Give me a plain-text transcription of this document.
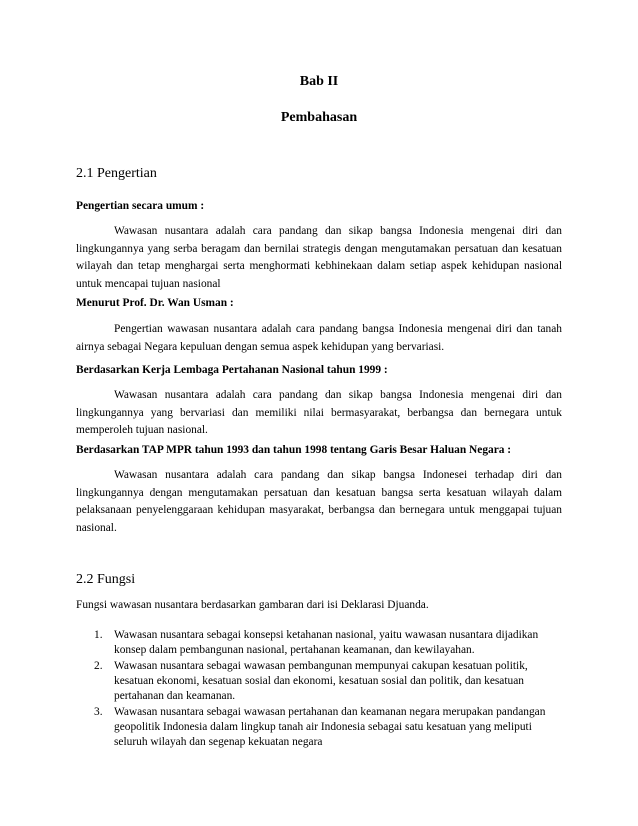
Bab II
Pembahasan
2.1 Pengertian
Pengertian secara umum :
Wawasan nusantara adalah cara pandang dan sikap bangsa Indonesia mengenai diri dan lingkungannya yang serba beragam dan bernilai strategis dengan mengutamakan persatuan dan kesatuan wilayah dan tetap menghargai serta menghormati kebhinekaan dalam setiap aspek kehidupan nasional untuk mencapai tujuan nasional
Menurut Prof. Dr. Wan Usman :
Pengertian wawasan nusantara adalah cara pandang bangsa Indonesia mengenai diri dan tanah airnya sebagai Negara kepuluan dengan semua aspek kehidupan yang bervariasi.
Berdasarkan Kerja Lembaga Pertahanan Nasional tahun 1999 :
Wawasan nusantara adalah cara pandang dan sikap bangsa Indonesia mengenai diri dan lingkungannya yang bervariasi dan memiliki nilai bermasyarakat, berbangsa dan bernegara untuk memperoleh tujuan nasional.
Berdasarkan TAP MPR tahun 1993 dan tahun 1998 tentang Garis Besar Haluan Negara :
Wawasan nusantara adalah cara pandang dan sikap bangsa Indonesei terhadap diri dan lingkungannya dengan mengutamakan persatuan dan kesatuan bangsa serta kesatuan wilayah dalam pelaksanaan penyelenggaraan kehidupan masyarakat, berbangsa dan bernegara untuk menggapai tujuan nasional.
2.2 Fungsi
Fungsi wawasan nusantara berdasarkan gambaran dari isi Deklarasi Djuanda.
1. Wawasan nusantara sebagai konsepsi ketahanan nasional, yaitu wawasan nusantara dijadikan konsep dalam pembangunan nasional, pertahanan keamanan, dan kewilayahan.
2. Wawasan nusantara sebagai wawasan pembangunan mempunyai cakupan kesatuan politik, kesatuan ekonomi, kesatuan sosial dan ekonomi, kesatuan sosial dan politik, dan kesatuan pertahanan dan keamanan.
3. Wawasan nusantara sebagai wawasan pertahanan dan keamanan negara merupakan pandangan geopolitik Indonesia dalam lingkup tanah air Indonesia sebagai satu kesatuan yang meliputi seluruh wilayah dan segenap kekuatan negara
